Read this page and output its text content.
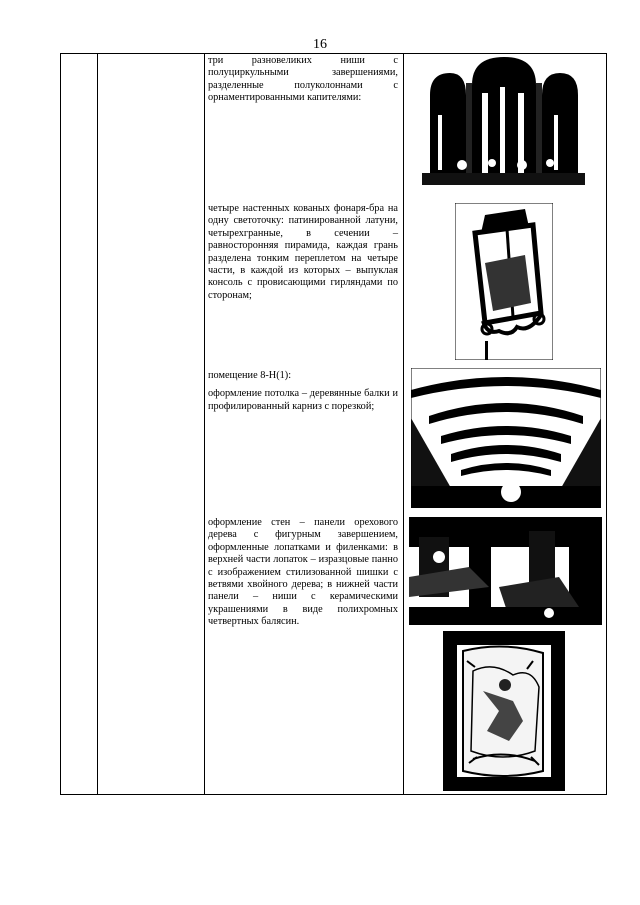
16

три разновеликих ниши с полуциркульными завершениями, разделенные полуколоннами с орнаментированными капителями:

четыре настенных кованых фонаря-бра на одну светоточку: патинированной латуни, четырехгранные, в сечении – равносторонняя пирамида, каждая грань разделена тонким переплетом на четыре части, в каждой из которых – выпуклая консоль с провисающими гирляндами по сторонам;

помещение 8-Н(1):

оформление потолка – деревянные балки и профилированный карниз с порезкой;

оформление стен – панели орехового дерева с фигурным завершением, оформленные лопатками и филенками: в верхней части лопаток – изразцовые панно с изображением стилизованной шишки с ветвями хвойного дерева; в нижней части панели – ниши с керамическими украшениями в виде полихромных четвертных балясин.
